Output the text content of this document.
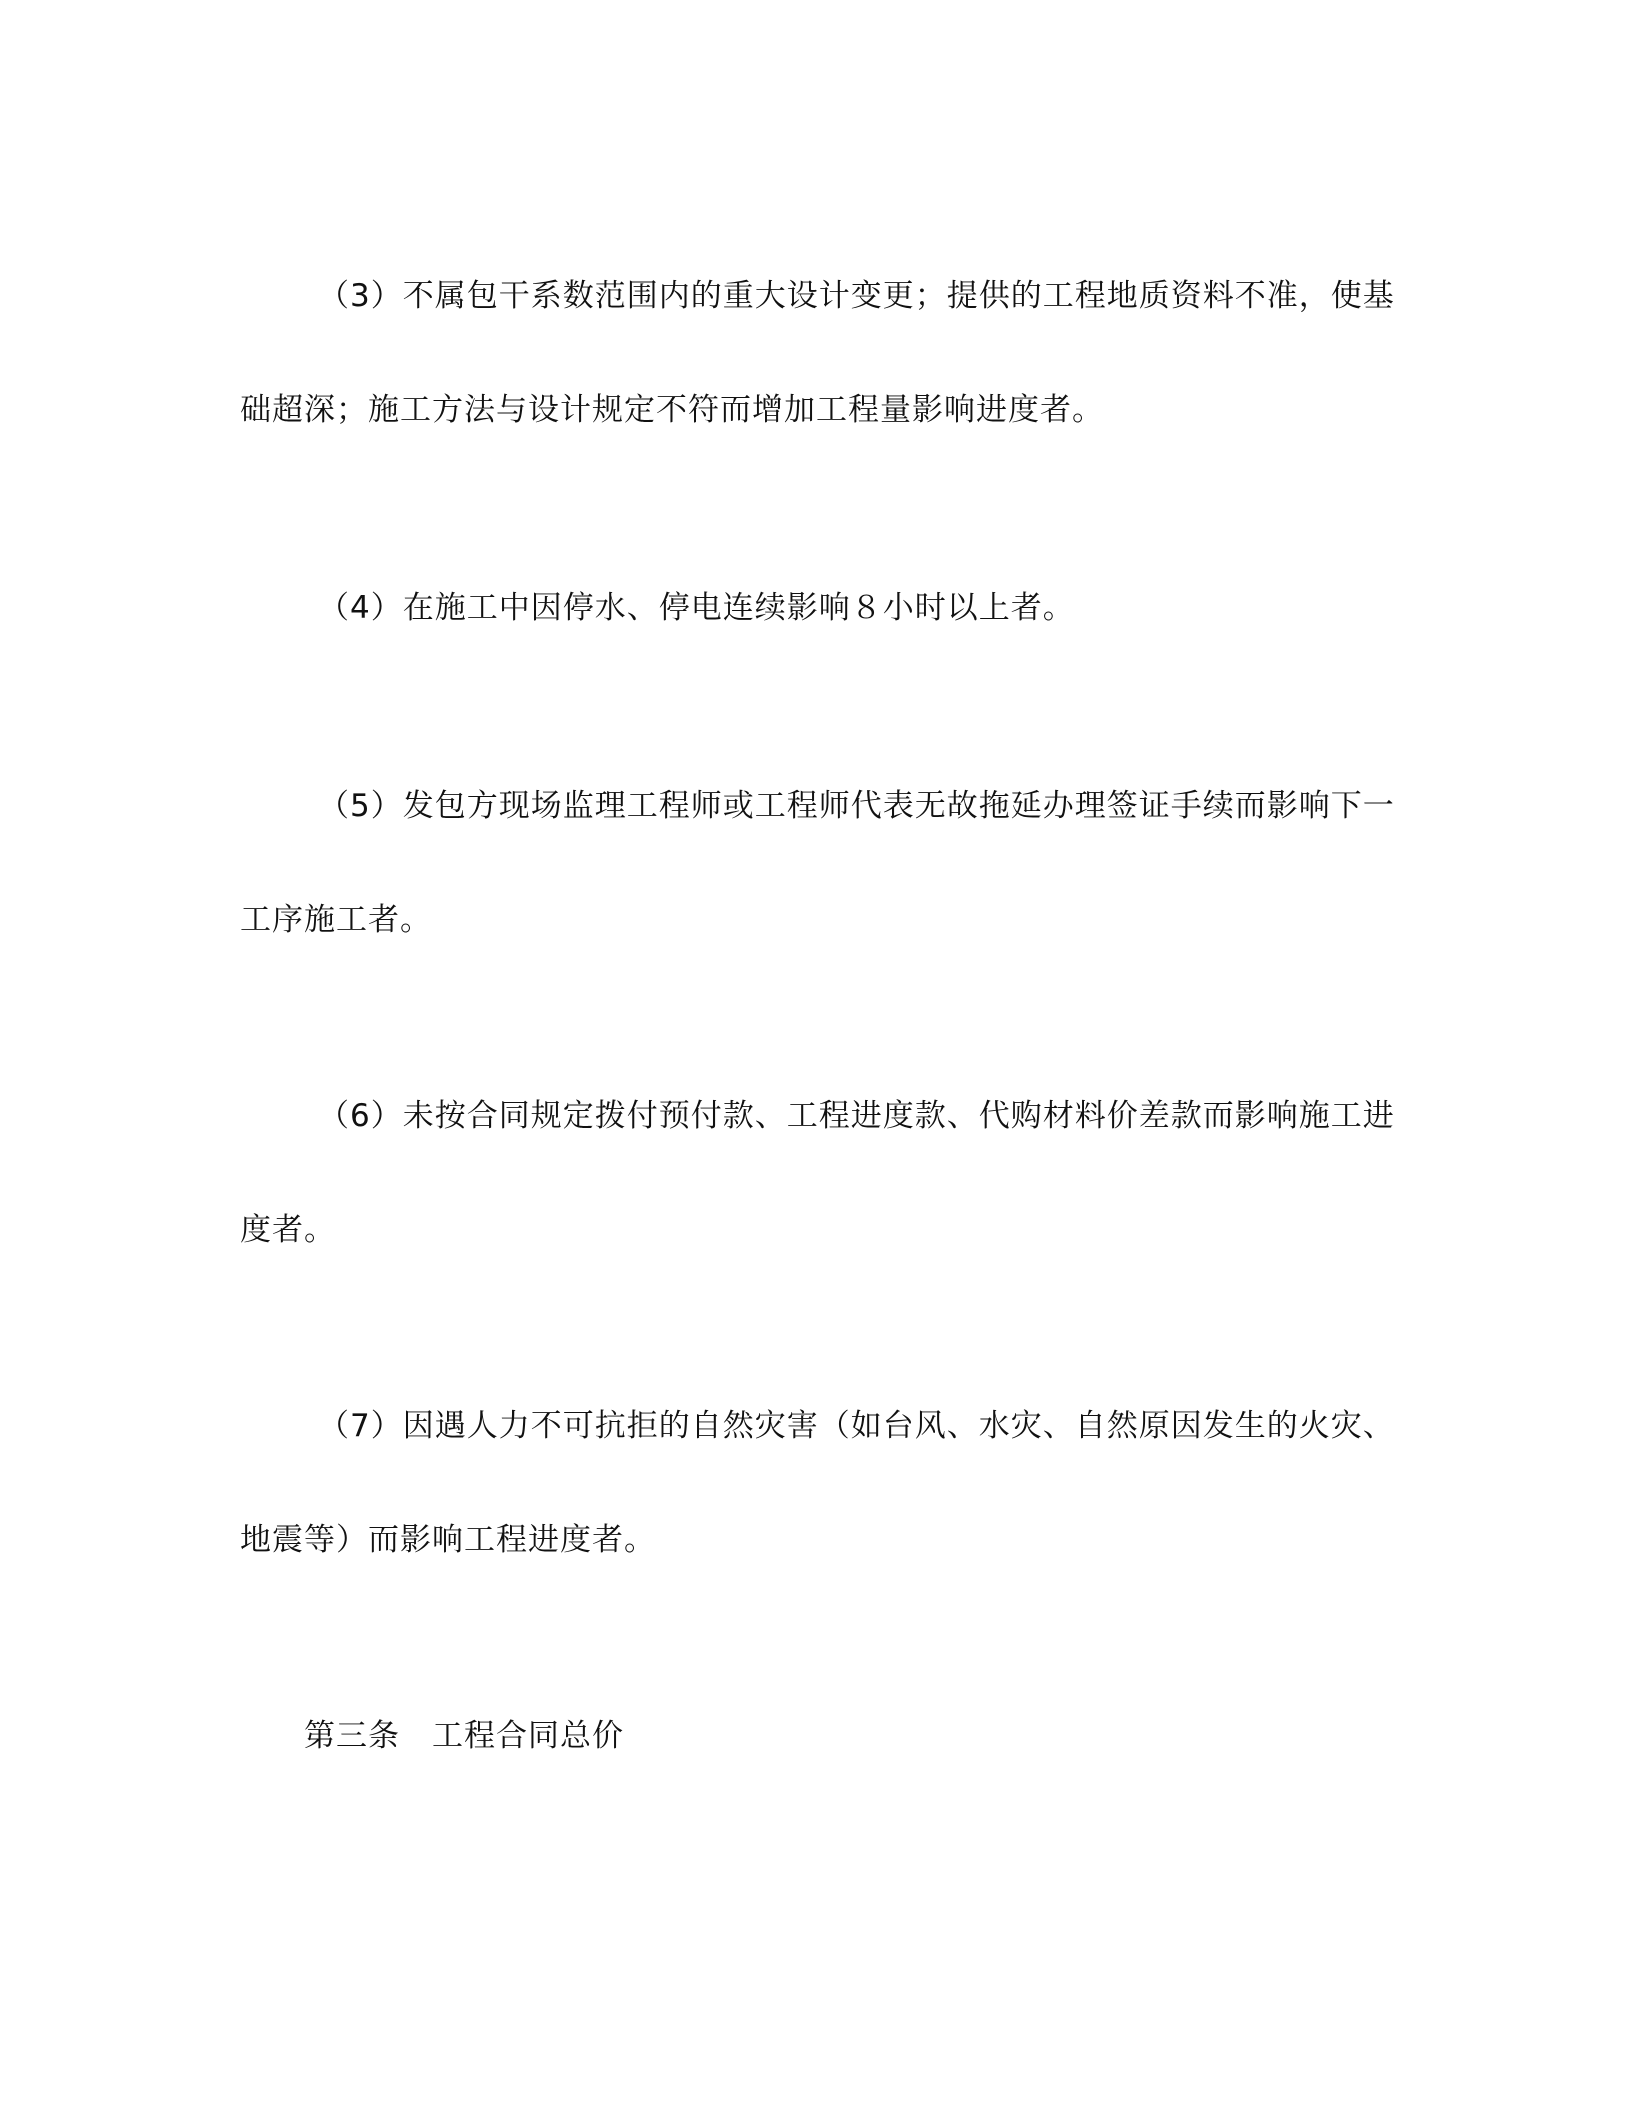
（3）不属包干系数范围内的重大设计变更；提供的工程地质资料不准，使基

础超深；施工方法与设计规定不符而增加工程量影响进度者。

（4）在施工中因停水、停电连续影响８小时以上者。

（5）发包方现场监理工程师或工程师代表无故拖延办理签证手续而影响下一

工序施工者。

（6）未按合同规定拨付预付款、工程进度款、代购材料价差款而影响施工进

度者。

（7）因遇人力不可抗拒的自然灾害（如台风、水灾、自然原因发生的火灾、

地震等）而影响工程进度者。

第三条 工程合同总价
